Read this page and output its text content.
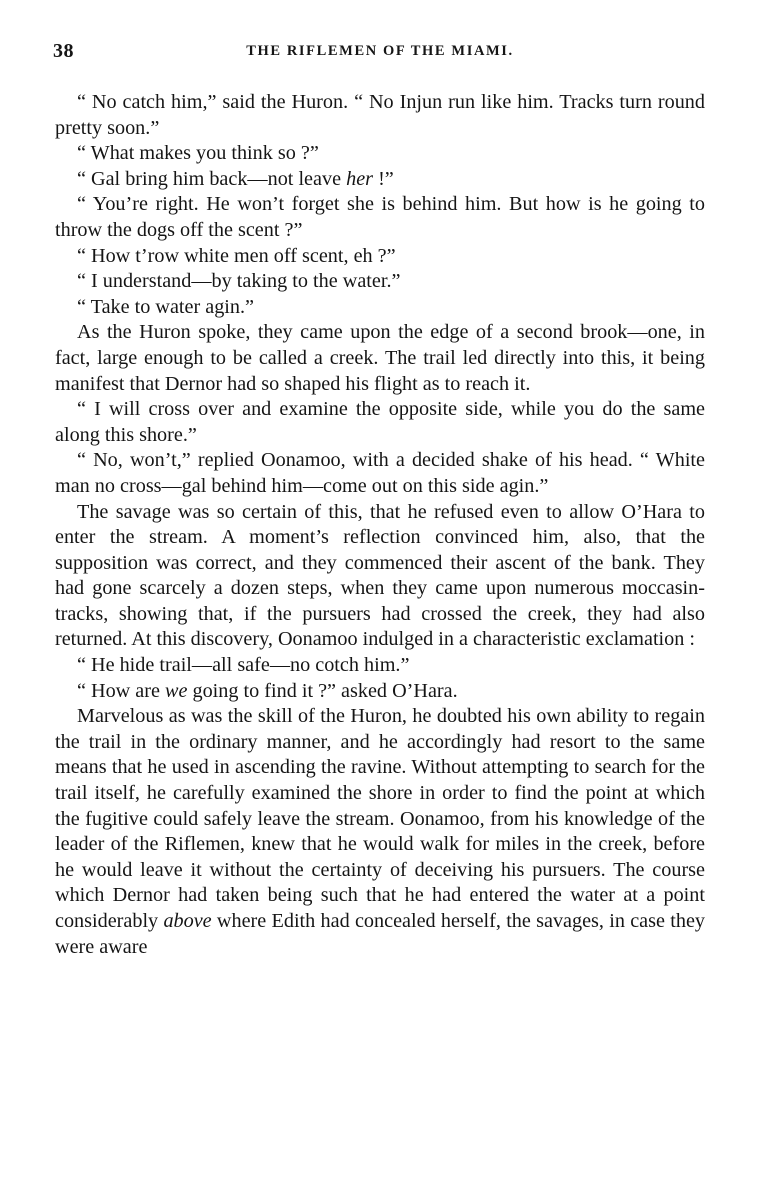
38	THE RIFLEMEN OF THE MIAMI.

“ No catch him,” said the Huron. “ No Injun run like him. Tracks turn round pretty soon.”

“ What makes you think so ?”

“ Gal bring him back—not leave her !”

“ You’re right. He won’t forget she is behind him. But how is he going to throw the dogs off the scent ?”

“ How t’row white men off scent, eh ?”

“ I understand—by taking to the water.”

“ Take to water agin.”

As the Huron spoke, they came upon the edge of a second brook—one, in fact, large enough to be called a creek. The trail led directly into this, it being manifest that Dernor had so shaped his flight as to reach it.

“ I will cross over and examine the opposite side, while you do the same along this shore.”

“ No, won’t,” replied Oonamoo, with a decided shake of his head. “ White man no cross—gal behind him—come out on this side agin.”

The savage was so certain of this, that he refused even to allow O’Hara to enter the stream. A moment’s reflection convinced him, also, that the supposition was correct, and they commenced their ascent of the bank. They had gone scarcely a dozen steps, when they came upon numerous moccasin-tracks, showing that, if the pursuers had crossed the creek, they had also returned. At this discovery, Oonamoo indulged in a characteristic exclamation :

“ He hide trail—all safe—no cotch him.”

“ How are we going to find it ?” asked O’Hara.

Marvelous as was the skill of the Huron, he doubted his own ability to regain the trail in the ordinary manner, and he accordingly had resort to the same means that he used in ascending the ravine. Without attempting to search for the trail itself, he carefully examined the shore in order to find the point at which the fugitive could safely leave the stream. Oonamoo, from his knowledge of the leader of the Riflemen, knew that he would walk for miles in the creek, before he would leave it without the certainty of deceiving his pursuers. The course which Dernor had taken being such that he had entered the water at a point considerably above where Edith had concealed herself, the savages, in case they were aware
